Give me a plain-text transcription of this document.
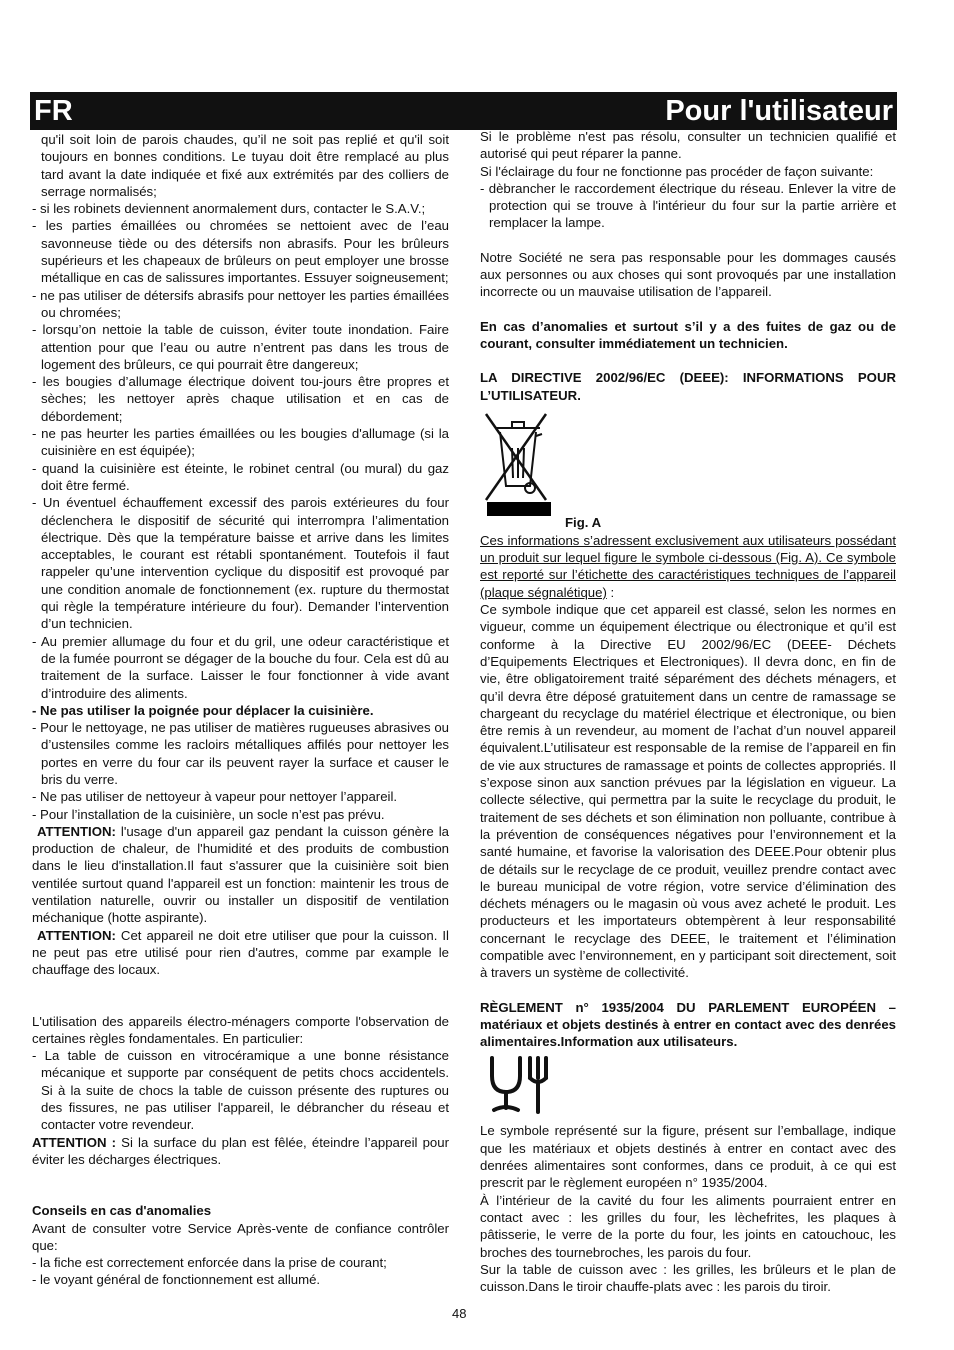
FR	Pour l'utilisateur

qu'il soit loin de parois chaudes, qu’il ne soit pas replié et qu'il soit toujours en bonnes conditions. Le tuyau doit être remplacé au plus tard avant la date indiquée et fixé aux extrémités par des colliers de serrage normalisés;

- si les robinets deviennent anormalement durs, contacter le S.A.V.;

- les parties émaillées ou chromées se nettoient avec de l’eau savonneuse tiède ou des détersifs non abrasifs. Pour les brûleurs supérieurs et les chapeaux de brûleurs on peut employer une brosse métallique en cas de salissures importantes. Essuyer soigneusement;

- ne pas utiliser de détersifs abrasifs pour nettoyer les parties émaillées ou chromées;

- lorsqu’on nettoie la table de cuisson, éviter toute inondation. Faire attention pour que l’eau ou autre n’entrent pas dans les trous de logement des brûleurs, ce qui pourrait être dangereux;

- les bougies d’allumage électrique doivent tou-jours être propres et sèches; les nettoyer après chaque utilisation et en cas de débordement;

- ne pas heurter les parties émaillées ou les bougies d'allumage (si la cuisinière en est équipée);

- quand la cuisinière est éteinte, le robinet central (ou mural) du gaz doit être fermé.

- Un éventuel échauffement excessif des parois extérieures du four déclenchera le dispositif de sécurité qui interrompra l’alimentation électrique. Dès que la température baisse et arrive dans les limites acceptables, le courant est rétabli spontanément. Toutefois il faut rappeler qu’une intervention cyclique du dispositif est provoqué par une condition anomale de fonctionnement (ex. rupture du thermostat qui règle la température intérieure du four). Demander l’intervention d’un technicien.

- Au premier allumage du four et du gril, une odeur caractéristique et de la fumée pourront se dégager de la bouche du four. Cela est dû au traitement de la surface. Laisser le four fonctionner à vide avant d’introduire des aliments.

- Ne pas utiliser la poignée pour déplacer la cuisinière.

- Pour le nettoyage, ne pas utiliser de matières rugueuses abrasives ou d’ustensiles comme les racloirs métalliques affilés pour nettoyer les portes en verre du four car ils peuvent rayer la surface et causer le bris du verre.

- Ne pas utiliser de nettoyeur à vapeur pour nettoyer l’appareil.

- Pour l’installation de la cuisinière, un socle n’est pas prévu.

ATTENTION: l'usage d'un appareil gaz pendant la cuisson génère la production de chaleur, de l'humidité et des produits de combustion dans le lieu d'installation.Il faut s'assurer que la cuisinière soit bien ventilée surtout quand l'appareil est un fonction: maintenir les trous de ventilation naturelle, ouvrir ou installer un dispositif de ventilation méchanique (hotte aspirante).

ATTENTION: Cet appareil ne doit etre utiliser que pour la cuisson. Il ne peut pas etre utilisé pour rien d'autres, comme par example le chauffage des locaux.

L'utilisation des appareils électro-ménagers comporte l'observation de certaines règles fondamentales. En particulier:

- La table de cuisson en vitrocéramique a une bonne résistance mécanique et supporte par conséquent de petits chocs accidentels. Si à la suite de chocs la table de cuisson présente des ruptures ou des fissures, ne pas utiliser l'appareil, le débrancher du réseau et contacter votre revendeur.

ATTENTION : Si la surface du plan est fêlée, éteindre l’appareil pour éviter les décharges électriques.

Conseils en cas d'anomalies

Avant de consulter votre Service Après-vente de confiance contrôler que:

- la fiche est correctement enforcée dans la prise de courant;

- le voyant général de fonctionnement est allumé.

Si le problème n'est pas résolu, consulter un technicien qualifié et autorisé qui peut réparer la panne.

Si l'éclairage du four ne fonctionne pas procéder de façon suivante:

- dèbrancher le raccordement électrique du réseau. Enlever la vitre de protection qui se trouve à l'intérieur du four sur la partie arrière et remplacer la lampe.

Notre Société ne sera pas responsable pour les dommages causés aux personnes ou aux choses qui sont provoqués par une installation incorrecte ou un mauvaise utilisation de l’appareil.

En cas d’anomalies et surtout s’il y a des fuites de gaz ou de courant, consulter immédiatement un technicien.

LA DIRECTIVE 2002/96/EC (DEEE): INFORMATIONS POUR L’UTILISATEUR.

Fig. A

Ces informations s’adressent exclusivement aux utilisateurs possédant un produit sur lequel figure le symbole ci-dessous (Fig. A). Ce symbole est reporté sur l’étichette des caractéristiques techniques de l’appareil (plaque ségnalétique) :

Ce symbole indique que cet appareil est classé, selon les normes en vigueur, comme un équipement électrique ou électronique et qu’il est conforme à la Directive EU 2002/96/EC (DEEE- Déchets d’Equipements Electriques et Electroniques). Il devra donc, en fin de vie, être obligatoirement traité séparément des déchets ménagers, et qu’il devra être déposé gratuitement dans un centre de ramassage se chargeant du recyclage du matériel électrique et électronique, ou bien être remis à un revendeur, au moment de l’achat d’un nouvel appareil équivalent.L’utilisateur est responsable de la remise de l’appareil en fin de vie aux structures de ramassage et points de collectes appropriés. Il s’expose sinon aux sanction prévues par la législation en vigueur. La collecte sélective, qui permettra par la suite le recyclage du produit, le traitement de ses déchets et son élimination non polluante, contribue à la prévention de conséquences négatives pour l’environnement et la santé humaine, et favorise la valorisation des DEEE.Pour obtenir plus de détails sur le recyclage de ce produit, veuillez prendre contact avec le bureau municipal de votre région, votre service d’élimination des déchets ménagers ou le magasin où vous avez acheté le produit. Les producteurs et les importateurs obtempèrent à leur responsabilité concernant le recyclage des DEEE, le traitement et l’élimination compatible avec l’environnement, en y participant soit directement, soit à travers un système de collectivité.

RÈGLEMENT n° 1935/2004 DU PARLEMENT EUROPÉEN – matériaux et objets destinés à entrer en contact avec des denrées alimentaires.Information aux utilisateurs.

Le symbole représenté sur la figure, présent sur l’emballage, indique que les matériaux et objets destinés à entrer en contact avec des denrées alimentaires sont conformes, dans ce produit, à ce qui est prescrit par le règlement européen n° 1935/2004.

À l’intérieur de la cavité du four les aliments pourraient entrer en contact avec : les grilles du four, les lèchefrites, les plaques à pâtisserie, le verre de la porte du four, les joints en catouchouc, les broches des tournebroches, les parois du four.

Sur la table de cuisson avec : les grilles, les brûleurs et le plan de cuisson.Dans le tiroir chauffe-plats avec : les parois du tiroir.

48
